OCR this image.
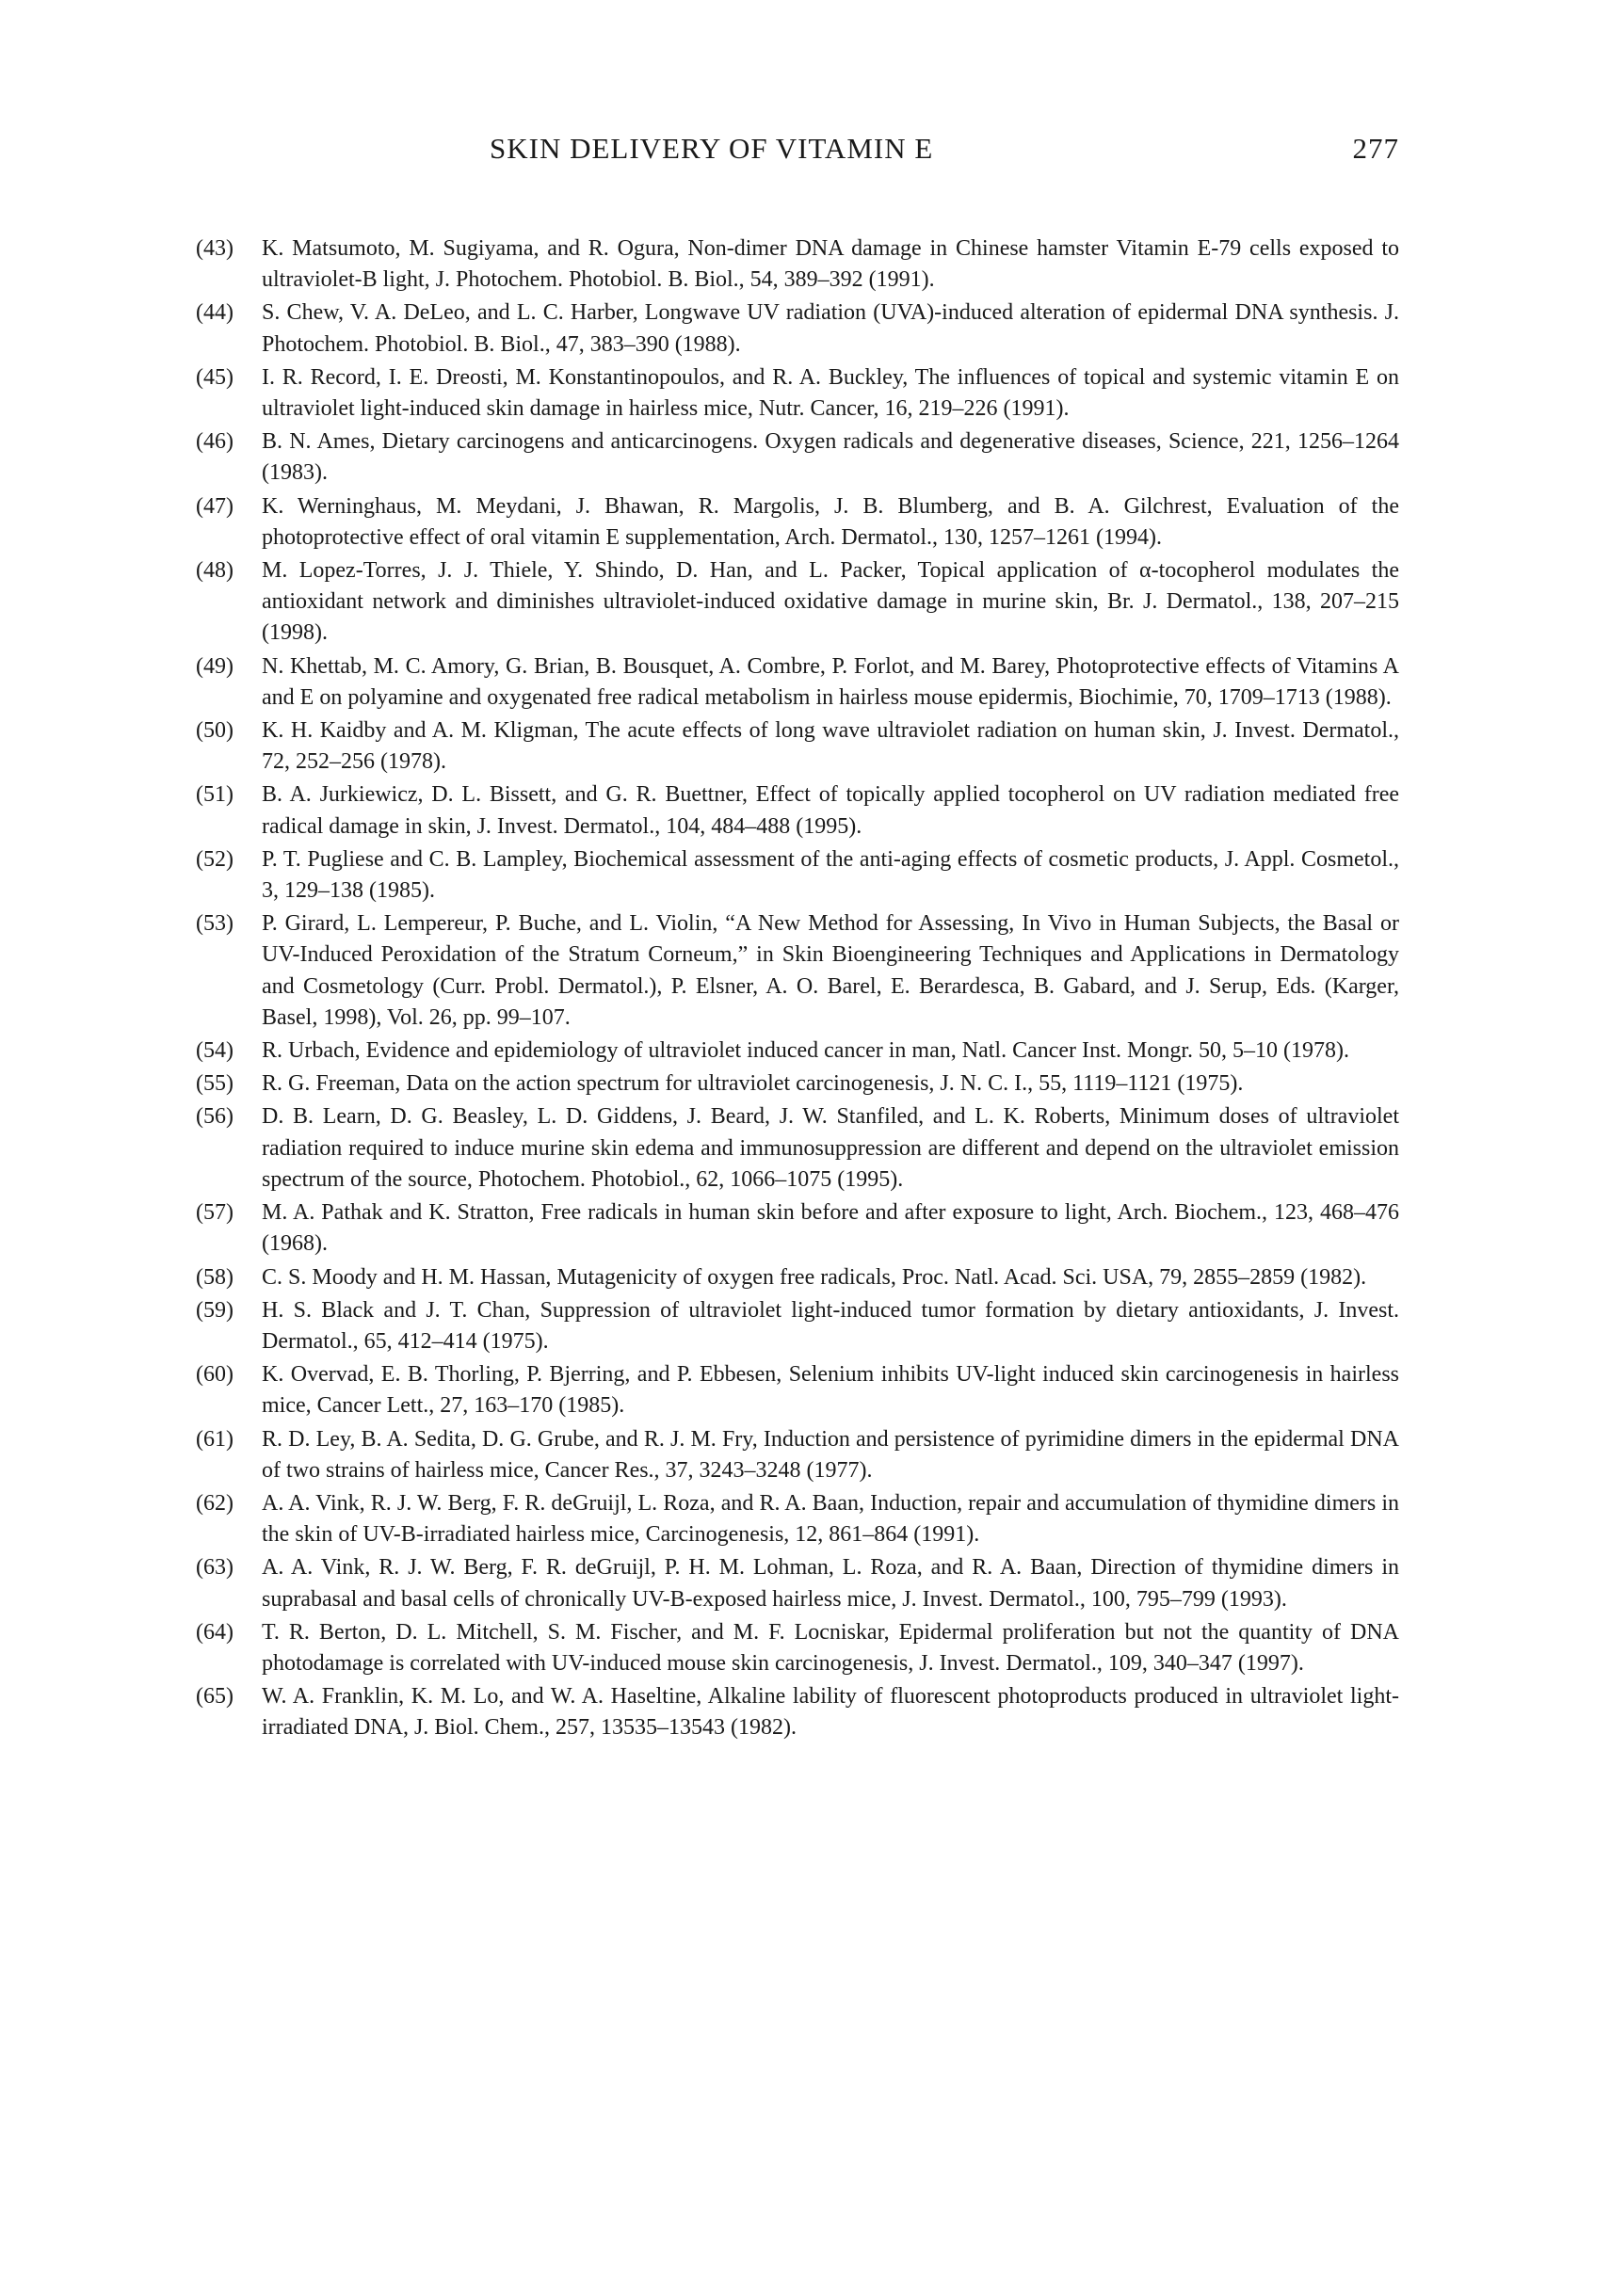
SKIN DELIVERY OF VITAMIN E	277
(43) K. Matsumoto, M. Sugiyama, and R. Ogura, Non-dimer DNA damage in Chinese hamster Vitamin E-79 cells exposed to ultraviolet-B light, J. Photochem. Photobiol. B. Biol., 54, 389–392 (1991).
(44) S. Chew, V. A. DeLeo, and L. C. Harber, Longwave UV radiation (UVA)-induced alteration of epidermal DNA synthesis. J. Photochem. Photobiol. B. Biol., 47, 383–390 (1988).
(45) I. R. Record, I. E. Dreosti, M. Konstantinopoulos, and R. A. Buckley, The influences of topical and systemic vitamin E on ultraviolet light-induced skin damage in hairless mice, Nutr. Cancer, 16, 219–226 (1991).
(46) B. N. Ames, Dietary carcinogens and anticarcinogens. Oxygen radicals and degenerative diseases, Science, 221, 1256–1264 (1983).
(47) K. Werninghaus, M. Meydani, J. Bhawan, R. Margolis, J. B. Blumberg, and B. A. Gilchrest, Evaluation of the photoprotective effect of oral vitamin E supplementation, Arch. Dermatol., 130, 1257–1261 (1994).
(48) M. Lopez-Torres, J. J. Thiele, Y. Shindo, D. Han, and L. Packer, Topical application of α-tocopherol modulates the antioxidant network and diminishes ultraviolet-induced oxidative damage in murine skin, Br. J. Dermatol., 138, 207–215 (1998).
(49) N. Khettab, M. C. Amory, G. Brian, B. Bousquet, A. Combre, P. Forlot, and M. Barey, Photoprotective effects of Vitamins A and E on polyamine and oxygenated free radical metabolism in hairless mouse epidermis, Biochimie, 70, 1709–1713 (1988).
(50) K. H. Kaidby and A. M. Kligman, The acute effects of long wave ultraviolet radiation on human skin, J. Invest. Dermatol., 72, 252–256 (1978).
(51) B. A. Jurkiewicz, D. L. Bissett, and G. R. Buettner, Effect of topically applied tocopherol on UV radiation mediated free radical damage in skin, J. Invest. Dermatol., 104, 484–488 (1995).
(52) P. T. Pugliese and C. B. Lampley, Biochemical assessment of the anti-aging effects of cosmetic products, J. Appl. Cosmetol., 3, 129–138 (1985).
(53) P. Girard, L. Lempereur, P. Buche, and L. Violin, “A New Method for Assessing, In Vivo in Human Subjects, the Basal or UV-Induced Peroxidation of the Stratum Corneum,” in Skin Bioengineering Techniques and Applications in Dermatology and Cosmetology (Curr. Probl. Dermatol.), P. Elsner, A. O. Barel, E. Berardesca, B. Gabard, and J. Serup, Eds. (Karger, Basel, 1998), Vol. 26, pp. 99–107.
(54) R. Urbach, Evidence and epidemiology of ultraviolet induced cancer in man, Natl. Cancer Inst. Mongr. 50, 5–10 (1978).
(55) R. G. Freeman, Data on the action spectrum for ultraviolet carcinogenesis, J. N. C. I., 55, 1119–1121 (1975).
(56) D. B. Learn, D. G. Beasley, L. D. Giddens, J. Beard, J. W. Stanfiled, and L. K. Roberts, Minimum doses of ultraviolet radiation required to induce murine skin edema and immunosuppression are different and depend on the ultraviolet emission spectrum of the source, Photochem. Photobiol., 62, 1066–1075 (1995).
(57) M. A. Pathak and K. Stratton, Free radicals in human skin before and after exposure to light, Arch. Biochem., 123, 468–476 (1968).
(58) C. S. Moody and H. M. Hassan, Mutagenicity of oxygen free radicals, Proc. Natl. Acad. Sci. USA, 79, 2855–2859 (1982).
(59) H. S. Black and J. T. Chan, Suppression of ultraviolet light-induced tumor formation by dietary antioxidants, J. Invest. Dermatol., 65, 412–414 (1975).
(60) K. Overvad, E. B. Thorling, P. Bjerring, and P. Ebbesen, Selenium inhibits UV-light induced skin carcinogenesis in hairless mice, Cancer Lett., 27, 163–170 (1985).
(61) R. D. Ley, B. A. Sedita, D. G. Grube, and R. J. M. Fry, Induction and persistence of pyrimidine dimers in the epidermal DNA of two strains of hairless mice, Cancer Res., 37, 3243–3248 (1977).
(62) A. A. Vink, R. J. W. Berg, F. R. deGruijl, L. Roza, and R. A. Baan, Induction, repair and accumulation of thymidine dimers in the skin of UV-B-irradiated hairless mice, Carcinogenesis, 12, 861–864 (1991).
(63) A. A. Vink, R. J. W. Berg, F. R. deGruijl, P. H. M. Lohman, L. Roza, and R. A. Baan, Direction of thymidine dimers in suprabasal and basal cells of chronically UV-B-exposed hairless mice, J. Invest. Dermatol., 100, 795–799 (1993).
(64) T. R. Berton, D. L. Mitchell, S. M. Fischer, and M. F. Locniskar, Epidermal proliferation but not the quantity of DNA photodamage is correlated with UV-induced mouse skin carcinogenesis, J. Invest. Dermatol., 109, 340–347 (1997).
(65) W. A. Franklin, K. M. Lo, and W. A. Haseltine, Alkaline lability of fluorescent photoproducts produced in ultraviolet light-irradiated DNA, J. Biol. Chem., 257, 13535–13543 (1982).
